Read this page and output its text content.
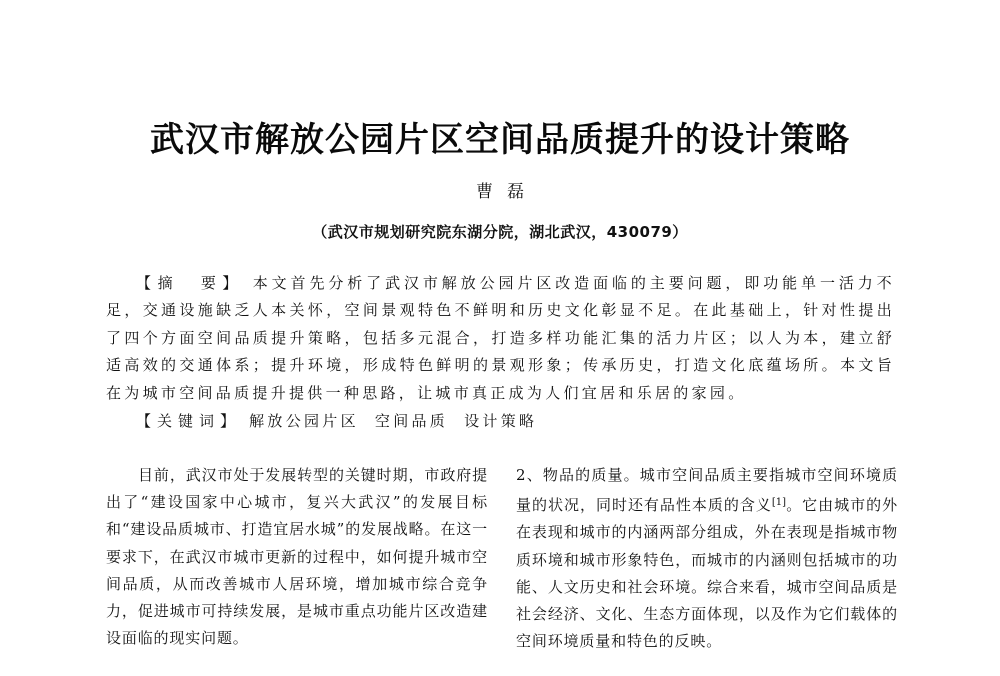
武汉市解放公园片区空间品质提升的设计策略
曹磊
（武汉市规划研究院东湖分院，湖北武汉，430079）

【摘　要】 本文首先分析了武汉市解放公园片区改造面临的主要问题，即功能单一活力不足，交通设施缺乏人本关怀，空间景观特色不鲜明和历史文化彰显不足。在此基础上，针对性提出了四个方面空间品质提升策略，包括多元混合，打造多样功能汇集的活力片区；以人为本，建立舒适高效的交通体系；提升环境，形成特色鲜明的景观形象；传承历史，打造文化底蕴场所。本文旨在为城市空间品质提升提供一种思路，让城市真正成为人们宜居和乐居的家园。

【关键词】 解放公园片区 空间品质 设计策略

目前，武汉市处于发展转型的关键时期，市政府提出了“建设国家中心城市，复兴大武汉”的发展目标和“建设品质城市、打造宜居水城”的发展战略。在这一要求下，在武汉市城市更新的过程中，如何提升城市空间品质，从而改善城市人居环境，增加城市综合竞争力，促进城市可持续发展，是城市重点功能片区改造建设面临的现实问题。
2、物品的质量。城市空间品质主要指城市空间环境质量的状况，同时还有品性本质的含义[1]。它由城市的外在表现和城市的内涵两部分组成，外在表现是指城市物质环境和城市形象特色，而城市的内涵则包括城市的功能、人文历史和社会环境。综合来看，城市空间品质是社会经济、文化、生态方面体现，以及作为它们载体的空间环境质量和特色的反映。
